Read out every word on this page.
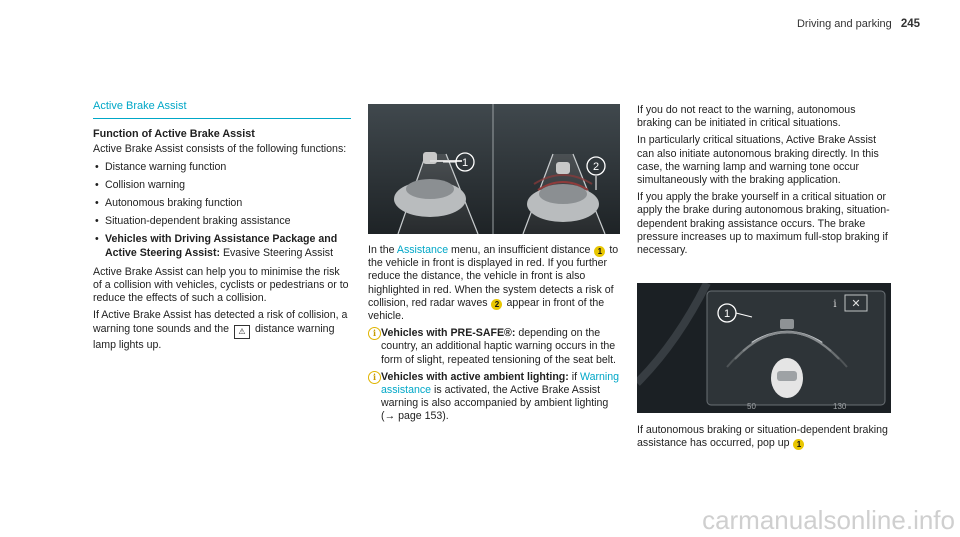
Driving and parking 245
Active Brake Assist
Function of Active Brake Assist

Active Brake Assist consists of the following functions:

• Distance warning function
• Collision warning
• Autonomous braking function
• Situation-dependent braking assistance
• Vehicles with Driving Assistance Package and Active Steering Assist: Evasive Steering Assist

Active Brake Assist can help you to minimise the risk of a collision with vehicles, cyclists or pedestrians or to reduce the effects of such a collision.

If Active Brake Assist has detected a risk of collision, a warning tone sounds and the ⚠ distance warning lamp lights up.

1	2

In the Assistance menu, an insufficient distance 1 to the vehicle in front is displayed in red. If you further reduce the distance, the vehicle in front is also highlighted in red. When the system detects a risk of collision, red radar waves 2 appear in front of the vehicle.

i Vehicles with PRE-SAFE®: depending on the country, an additional haptic warning occurs in the form of slight, repeated tensioning of the seat belt.
i Vehicles with active ambient lighting: if Warning assistance is activated, the Active Brake Assist warning is also accompanied by ambient lighting (→ page 153).

If you do not react to the warning, autonomous braking can be initiated in critical situations.

In particularly critical situations, Active Brake Assist can also initiate autonomous braking directly. In this case, the warning lamp and warning tone occur simultaneously with the braking application.

If you apply the brake yourself in a critical situation or apply the brake during autonomous braking, situation-dependent braking assistance occurs. The brake pressure increases up to maximum full-stop braking if necessary.

✕
i
50	130
1
If autonomous braking or situation-dependent braking assistance has occurred, pop up 1
carmanualsonline.info
